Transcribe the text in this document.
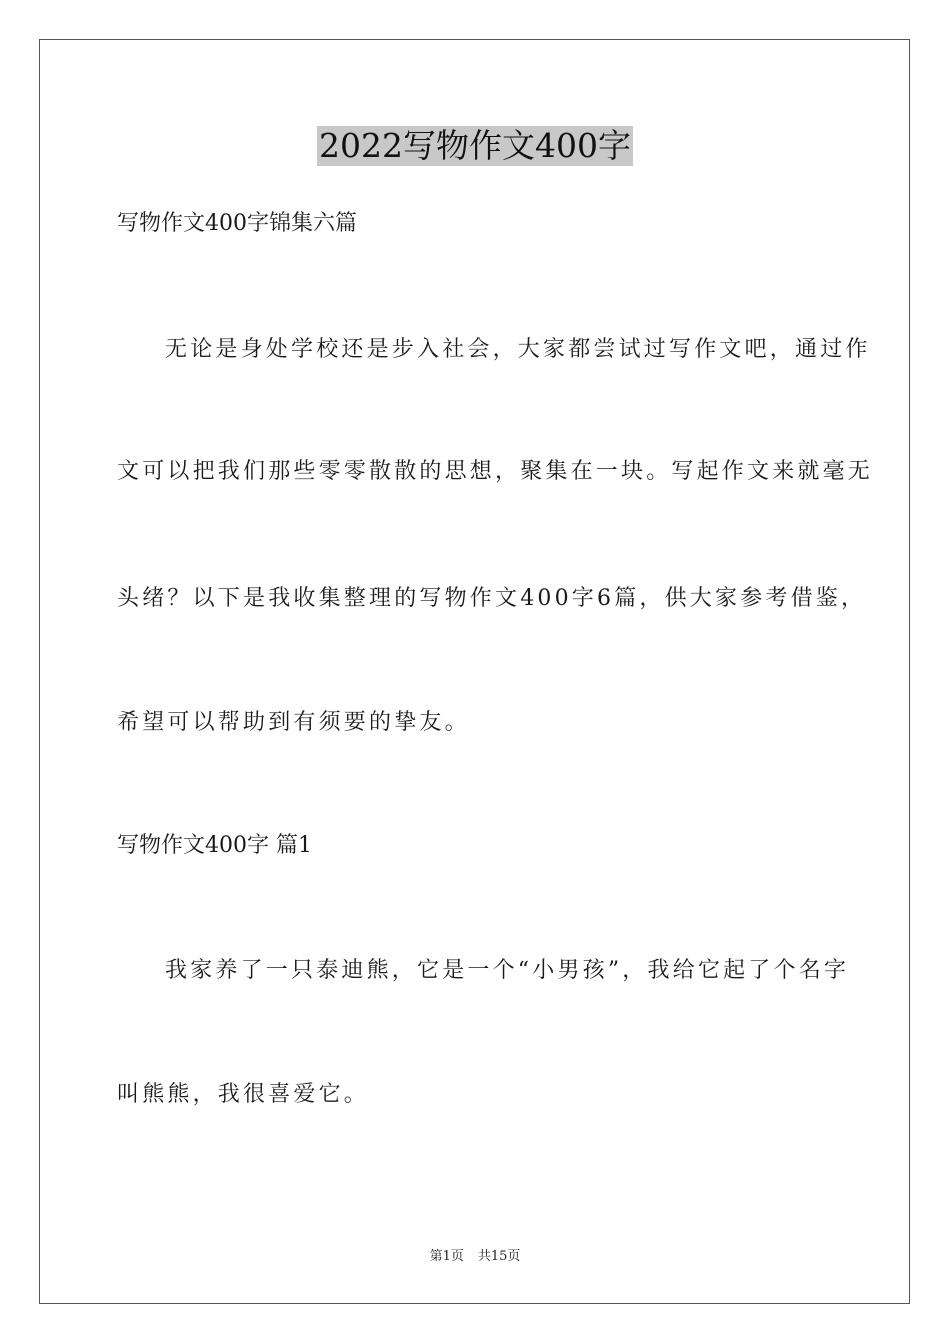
2022写物作文400字
写物作文400字锦集六篇
无论是身处学校还是步入社会，大家都尝试过写作文吧，通过作
文可以把我们那些零零散散的思想，聚集在一块。写起作文来就毫无
头绪？以下是我收集整理的写物作文400字6篇，供大家参考借鉴，
希望可以帮助到有须要的挚友。
写物作文400字 篇1
我家养了一只泰迪熊，它是一个“小男孩”，我给它起了个名字
叫熊熊，我很喜爱它。
第1页 共15页
